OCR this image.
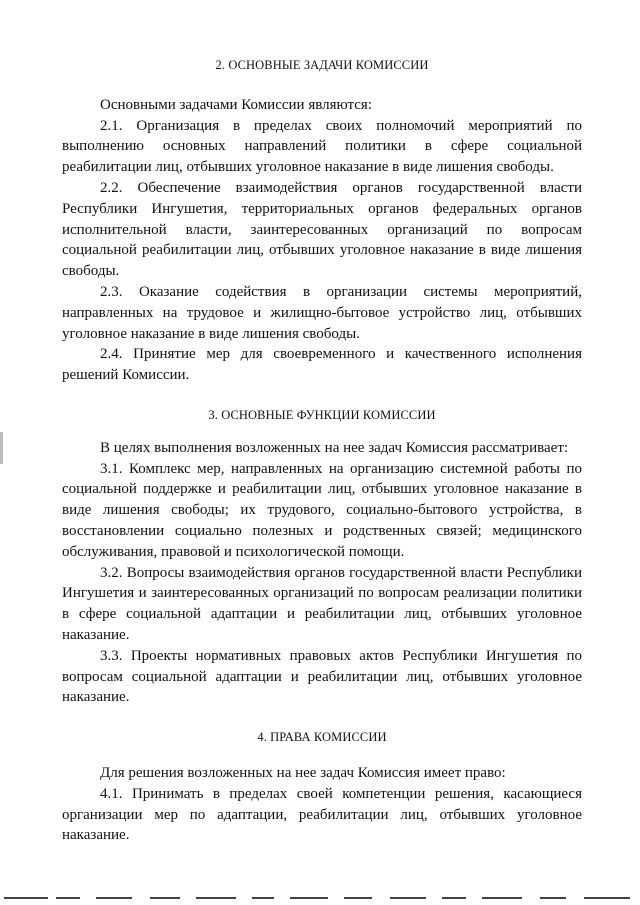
2. ОСНОВНЫЕ ЗАДАЧИ КОМИССИИ

Основными задачами Комиссии являются:

2.1. Организация в пределах своих полномочий мероприятий по выполнению основных направлений политики в сфере социальной реабилитации лиц, отбывших уголовное наказание в виде лишения свободы.

2.2. Обеспечение взаимодействия органов государственной власти Республики Ингушетия, территориальных органов федеральных органов исполнительной власти, заинтересованных организаций по вопросам социальной реабилитации лиц, отбывших уголовное наказание в виде лишения свободы.

2.3. Оказание содействия в организации системы мероприятий, направленных на трудовое и жилищно-бытовое устройство лиц, отбывших уголовное наказание в виде лишения свободы.

2.4. Принятие мер для своевременного и качественного исполнения решений Комиссии.

3. ОСНОВНЫЕ ФУНКЦИИ КОМИССИИ

В целях выполнения возложенных на нее задач Комиссия рассматривает:

3.1. Комплекс мер, направленных на организацию системной работы по социальной поддержке и реабилитации лиц, отбывших уголовное наказание в виде лишения свободы; их трудового, социально-бытового устройства, в восстановлении социально полезных и родственных связей; медицинского обслуживания, правовой и психологической помощи.

3.2. Вопросы взаимодействия органов государственной власти Республики Ингушетия и заинтересованных организаций по вопросам реализации политики в сфере социальной адаптации и реабилитации лиц, отбывших уголовное наказание.

3.3. Проекты нормативных правовых актов Республики Ингушетия по вопросам социальной адаптации и реабилитации лиц, отбывших уголовное наказание.

4. ПРАВА КОМИССИИ

Для решения возложенных на нее задач Комиссия имеет право:

4.1. Принимать в пределах своей компетенции решения, касающиеся организации мер по адаптации, реабилитации лиц, отбывших уголовное наказание.
